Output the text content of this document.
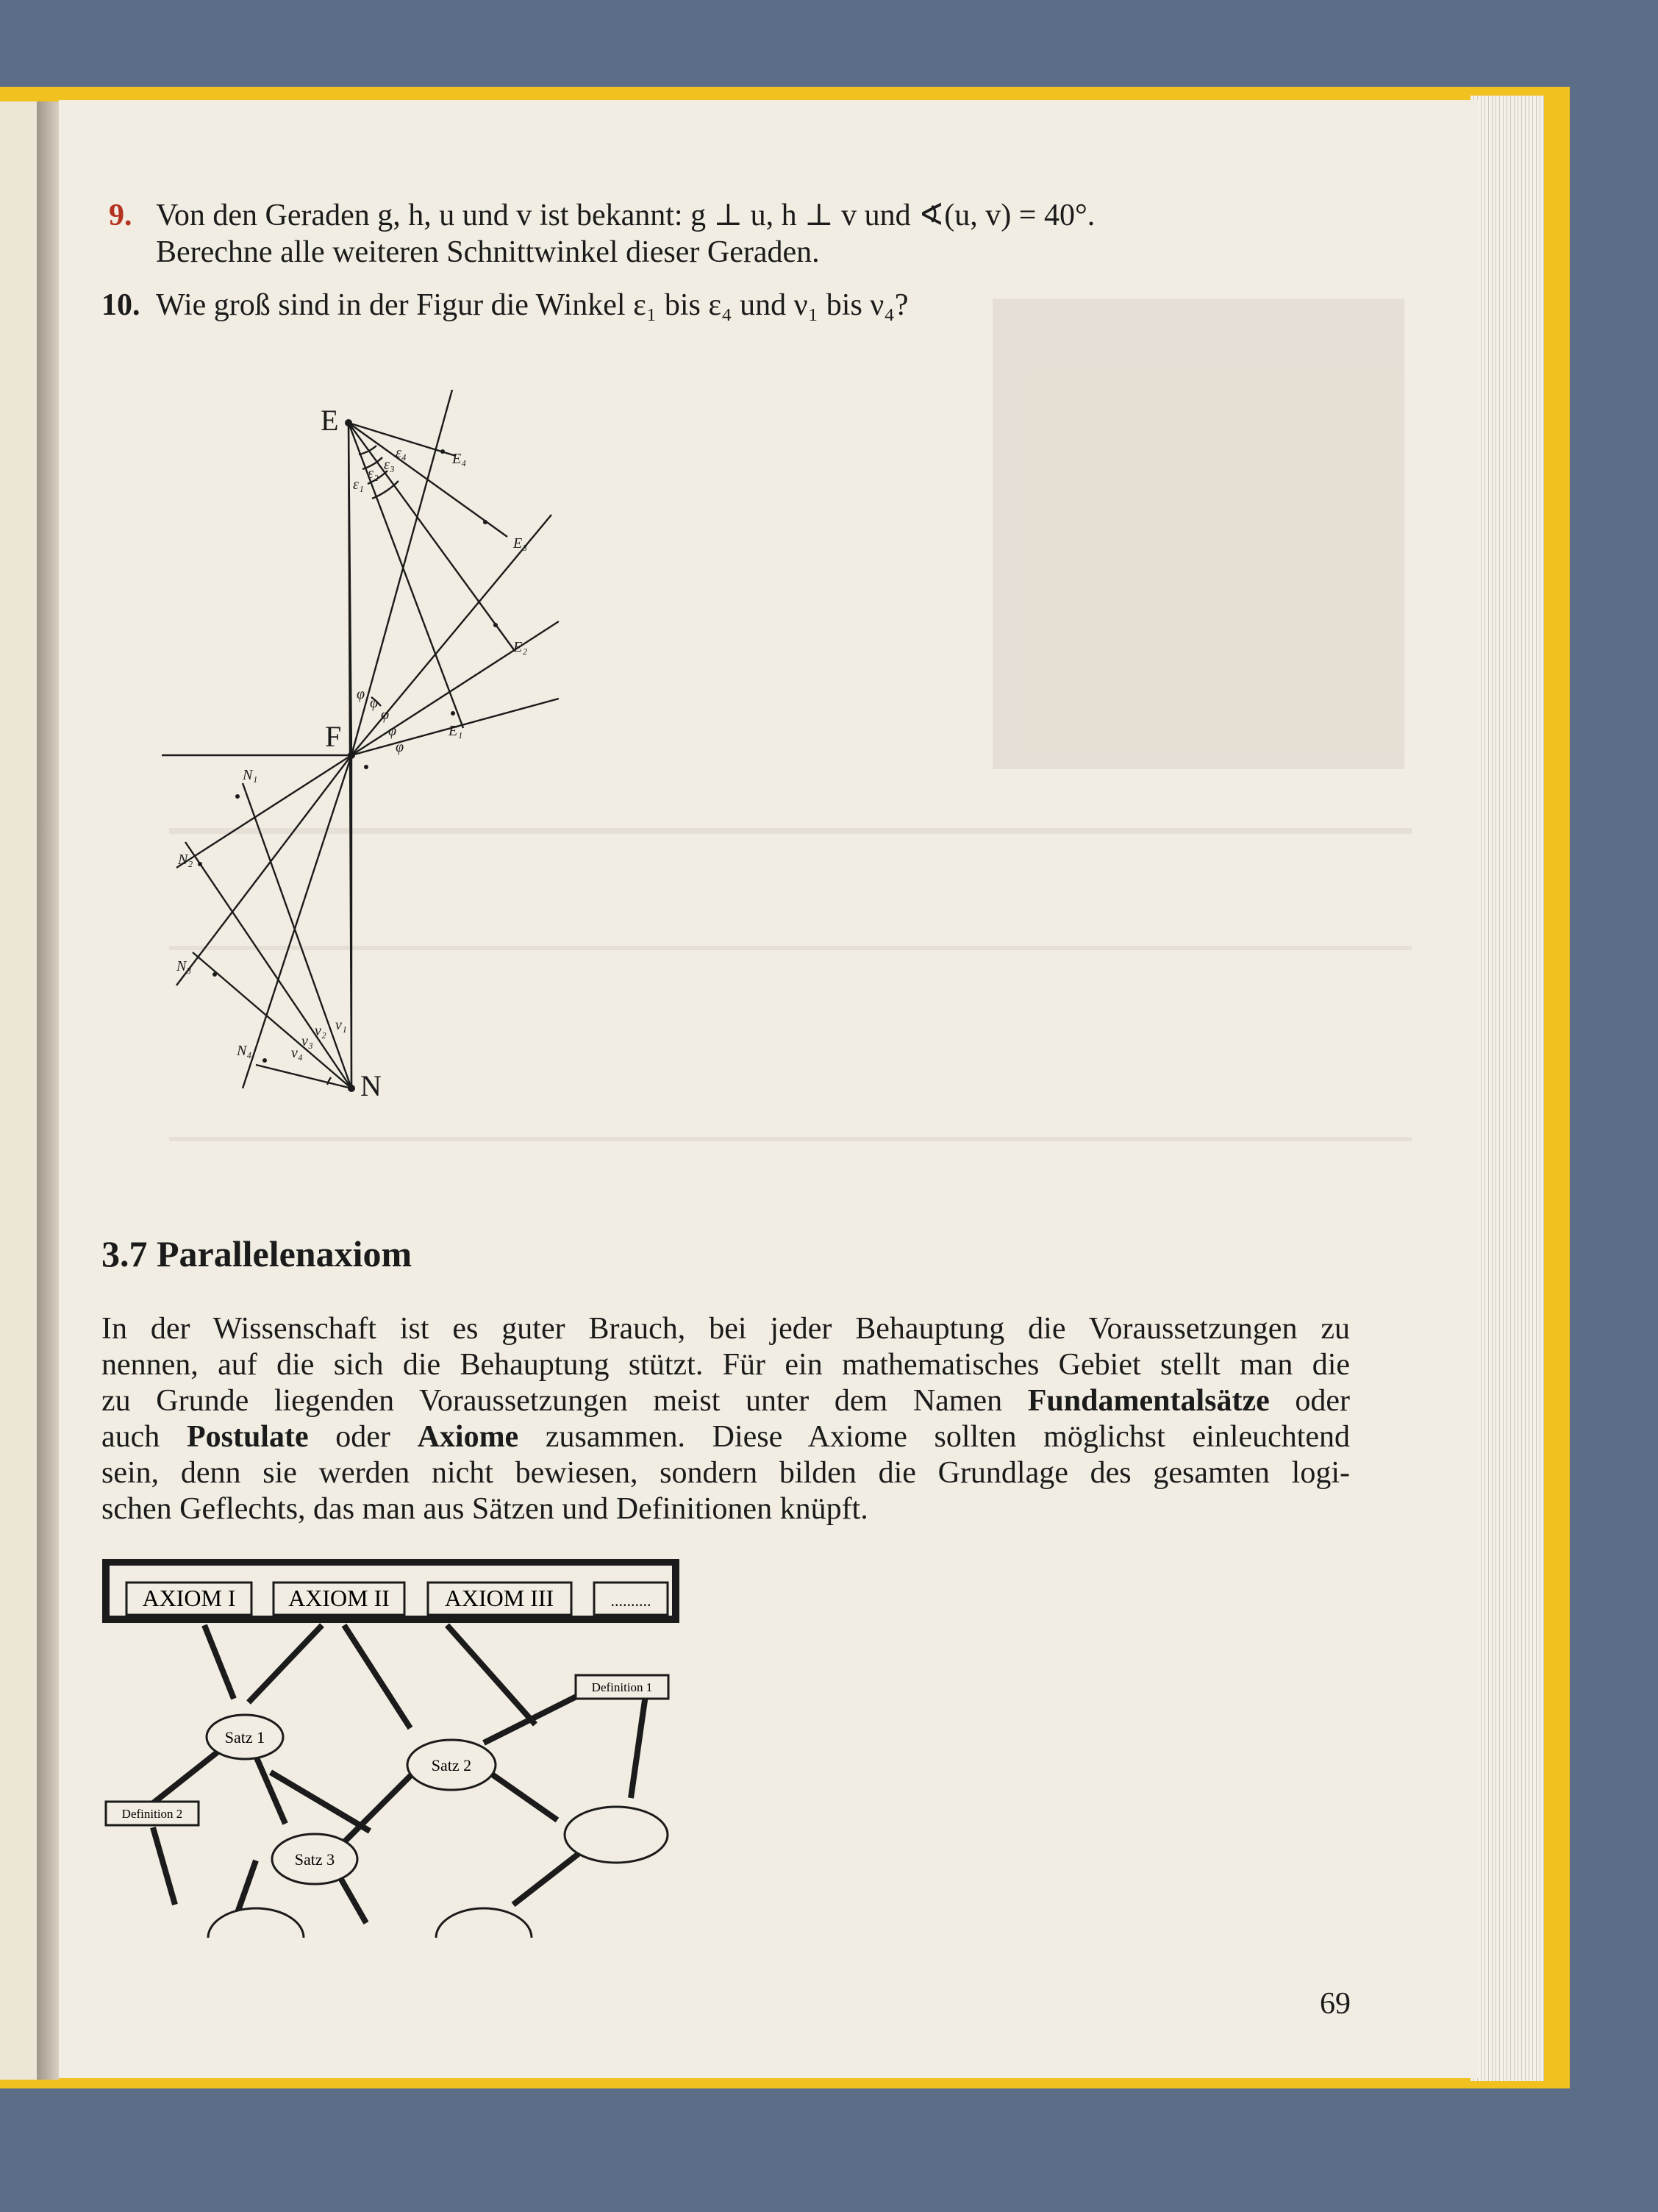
9. Von den Geraden g, h, u und v ist bekannt: g ⊥ u, h ⊥ v und ∢(u, v) = 40°.
Berechne alle weiteren Schnittwinkel dieser Geraden.
10. Wie groß sind in der Figur die Winkel ε₁ bis ε₄ und ν₁ bis ν₄?
E
F
N
ε₁
ε₂
ε₃
ε₄	E₄
E₃
E₂
E₁
φ
φ
φ
φ
φ
N₁
N₂
N₃
N₄
ν₁
ν₂
ν₃
ν₄
3.7 Parallelenaxiom
In der Wissenschaft ist es guter Brauch, bei jeder Behauptung die Voraussetzungen zu
nennen, auf die sich die Behauptung stützt. Für ein mathematisches Gebiet stellt man die
zu Grunde liegenden Voraussetzungen meist unter dem Namen Fundamentalsätze oder
auch Postulate oder Axiome zusammen. Diese Axiome sollten möglichst einleuchtend
sein, denn sie werden nicht bewiesen, sondern bilden die Grundlage des gesamten logi-
schen Geflechts, das man aus Sätzen und Definitionen knüpft.
AXIOM I AXIOM II AXIOM III	..........
Definition 1
Definition 2
Satz 1
Satz 2
Satz 3
69
